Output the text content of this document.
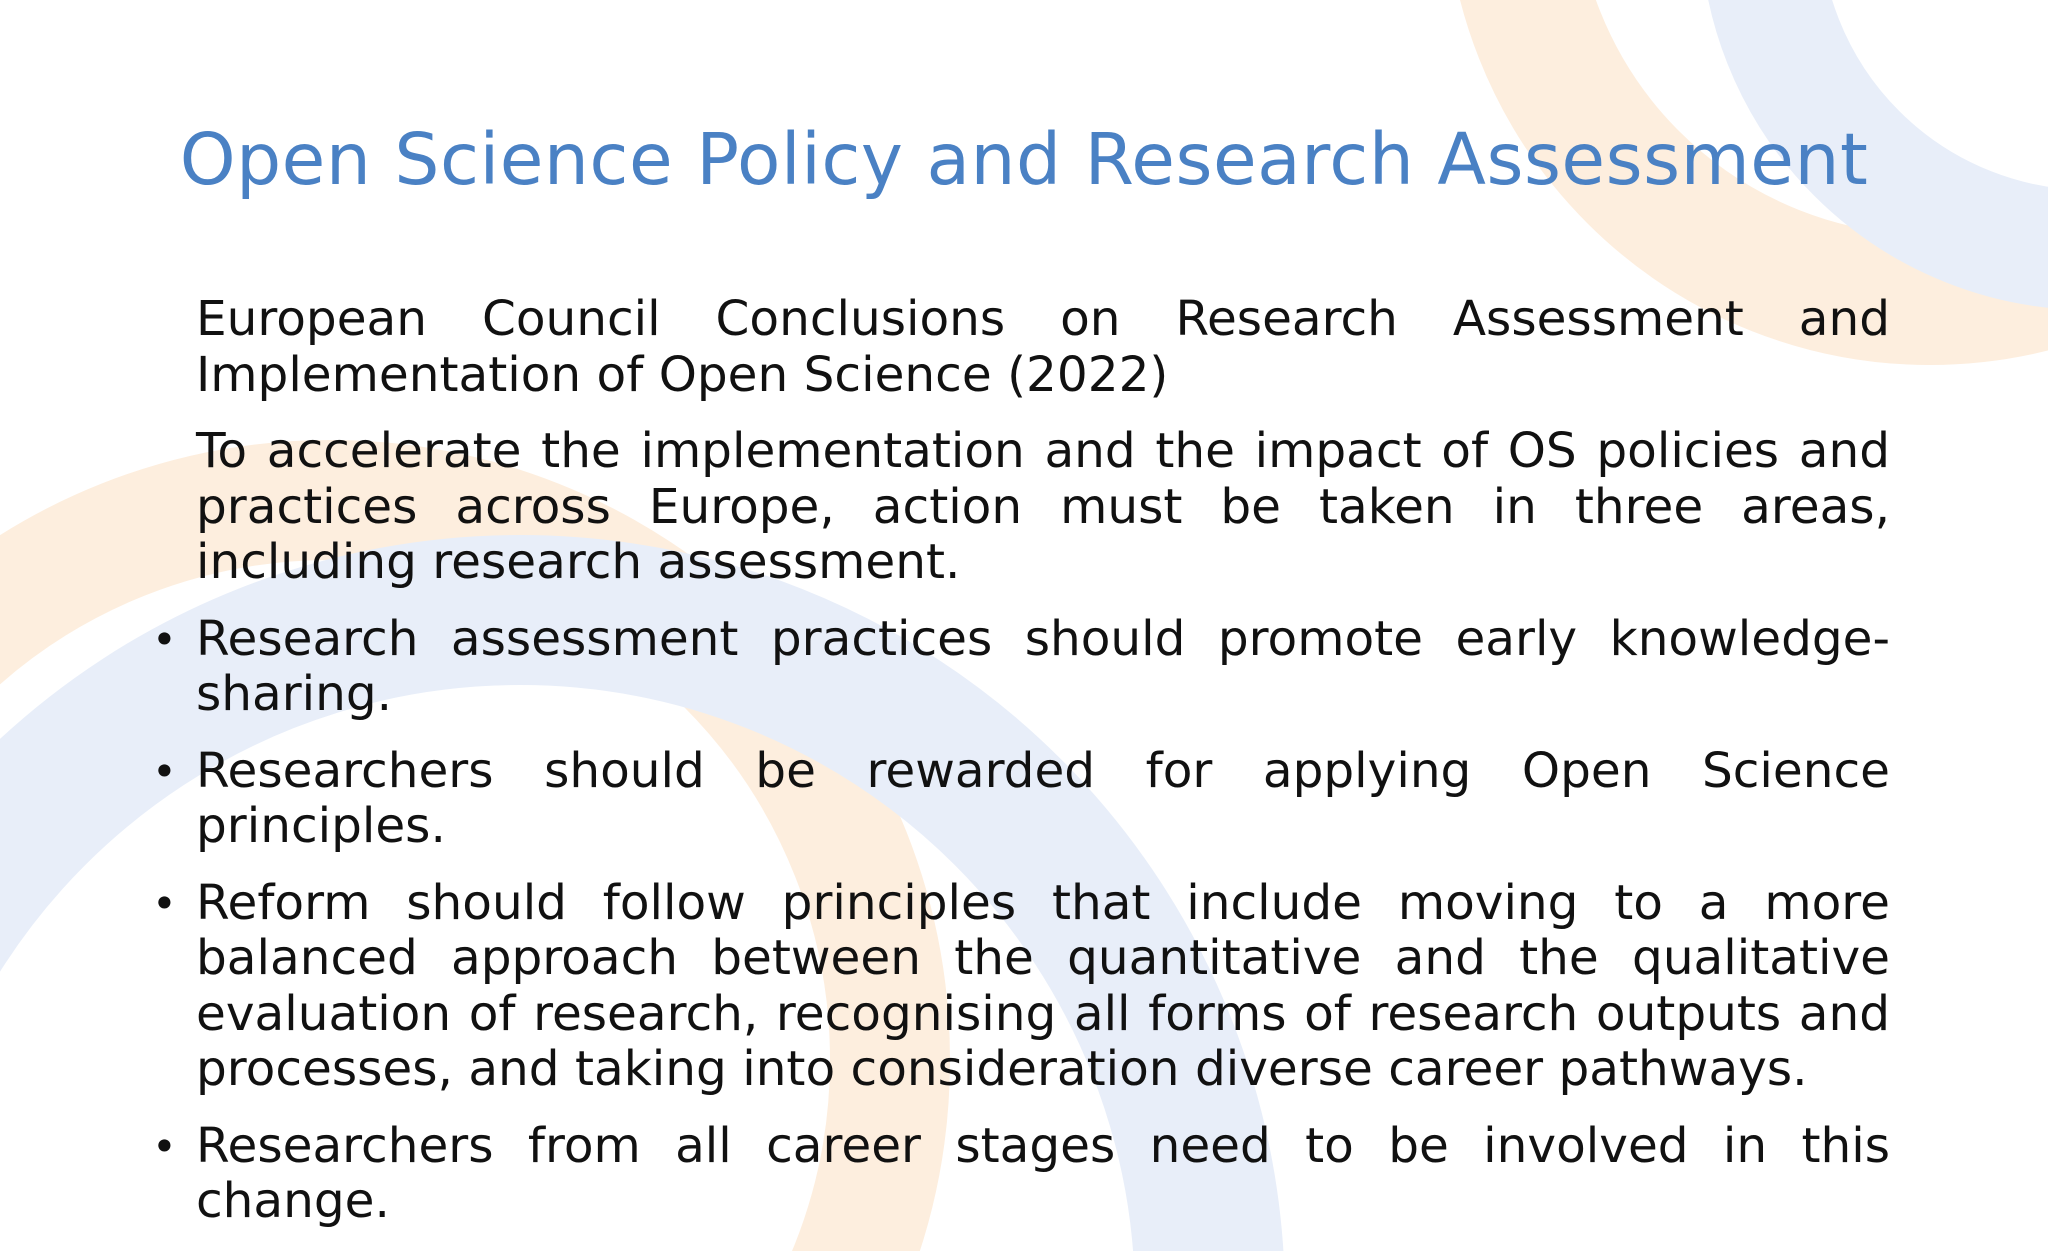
Open Science Policy and Research Assessment

European Council Conclusions on Research Assessment and Implementation of Open Science (2022)

To accelerate the implementation and the impact of OS policies and practices across Europe, action must be taken in three areas, including research assessment.

• Research assessment practices should promote early knowledge-sharing.
• Researchers should be rewarded for applying Open Science principles.
• Reform should follow principles that include moving to a more balanced approach between the quantitative and the qualitative evaluation of research, recognising all forms of research outputs and processes, and taking into consideration diverse career pathways.
• Researchers from all career stages need to be involved in this change.
